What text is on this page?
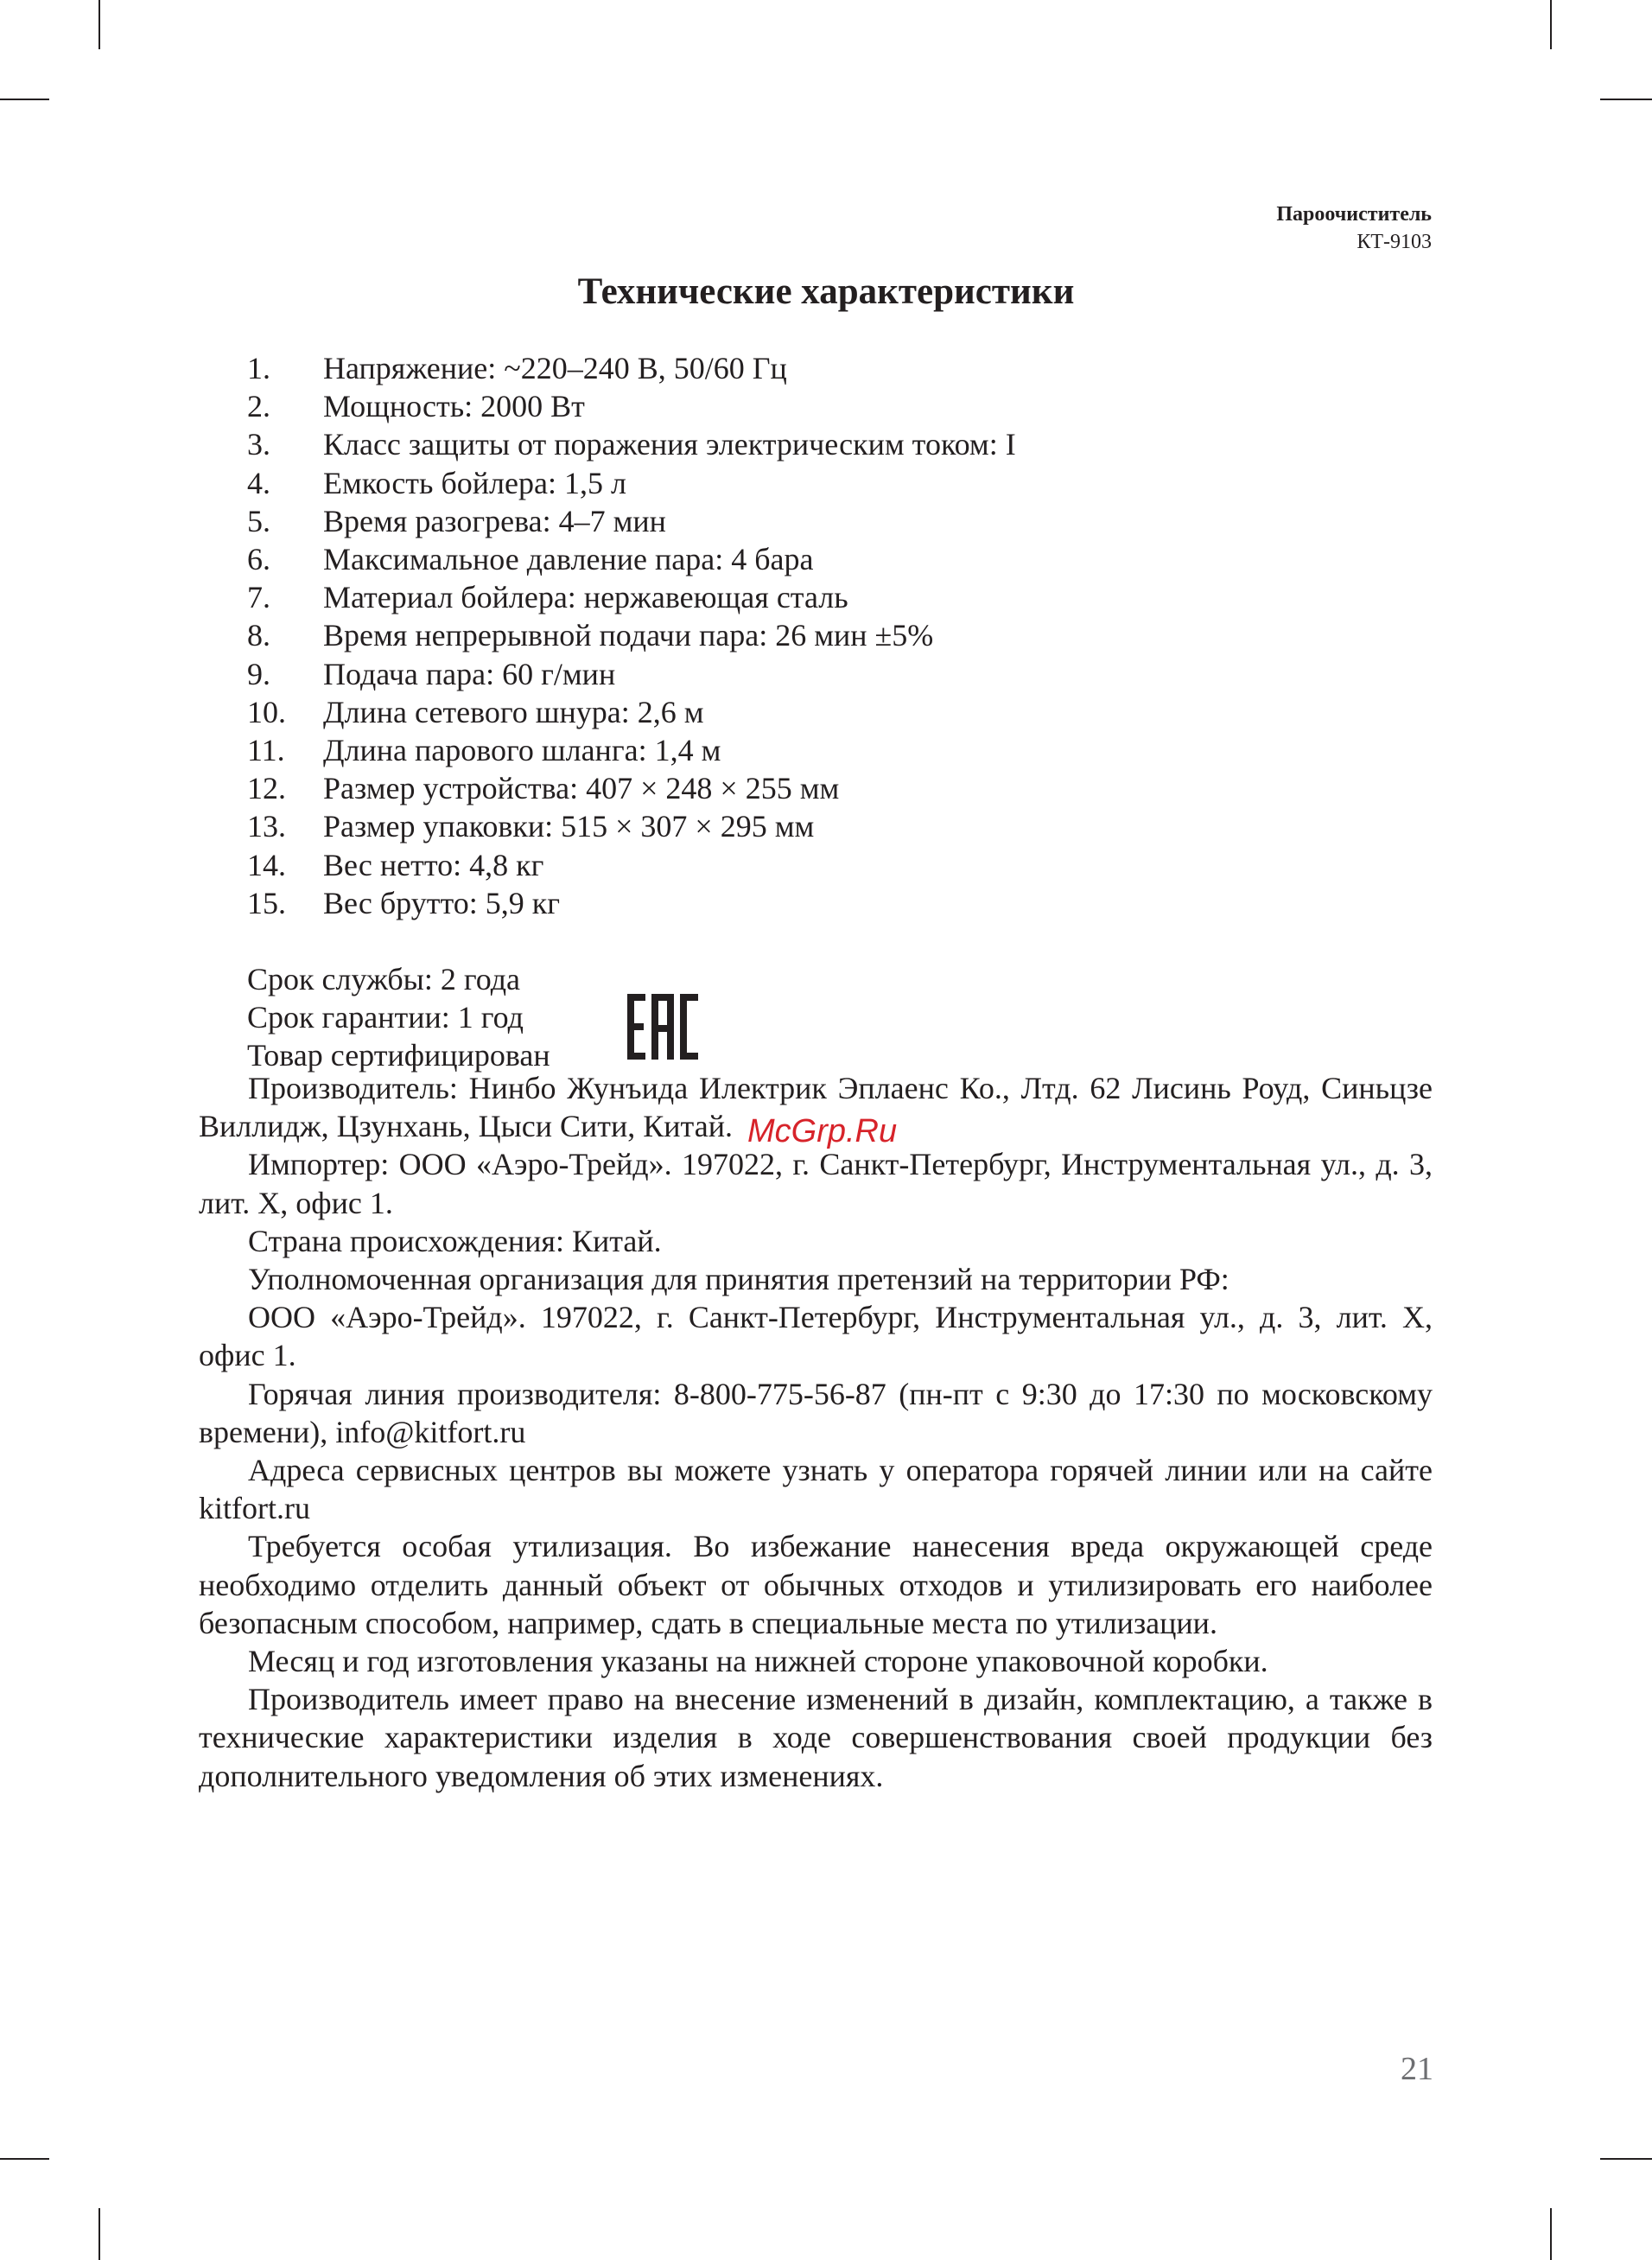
Пароочиститель
КТ-9103
Технические характеристики
1.	Напряжение: ~220–240 В, 50/60 Гц
2.	Мощность: 2000 Вт
3.	Класс защиты от поражения электрическим током: I
4.	Емкость бойлера: 1,5 л
5.	Время разогрева: 4–7 мин
6.	Максимальное давление пара: 4 бара
7.	Материал бойлера: нержавеющая сталь
8.	Время непрерывной подачи пара: 26 мин ±5%
9.	Подача пара: 60 г/мин
10.	Длина сетевого шнура: 2,6 м
11.	Длина парового шланга: 1,4 м
12.	Размер устройства: 407 × 248 × 255 мм
13.	Размер упаковки: 515 × 307 × 295 мм
14.	Вес нетто: 4,8 кг
15.	Вес брутто: 5,9 кг
Срок службы: 2 года
Срок гарантии: 1 год
Товар сертифицирован

Производитель: Нинбо Жунъида Илектрик Эплаенс Ко., Лтд. 62 Лисинь Роуд, Синьцзе Виллидж, Цзунхань, Цыси Сити, Китай.

Импортер: ООО «Аэро-Трейд». 197022, г. Санкт-Петербург, Инструментальная ул., д. 3, лит. Х, офис 1.

Страна происхождения: Китай.

Уполномоченная организация для принятия претензий на территории РФ:

ООО «Аэро-Трейд». 197022, г. Санкт-Петербург, Инструментальная ул., д. 3, лит. Х, офис 1.

Горячая линия производителя: 8-800-775-56-87 (пн-пт с 9:30 до 17:30 по московскому времени), info@kitfort.ru

Адреса сервисных центров вы можете узнать у оператора горячей линии или на сайте kitfort.ru

Требуется особая утилизация. Во избежание нанесения вреда окружающей среде необходимо отделить данный объект от обычных отходов и утилизировать его наиболее безопасным способом, например, сдать в специальные места по утилизации.

Месяц и год изготовления указаны на нижней стороне упаковочной коробки.

Производитель имеет право на внесение изменений в дизайн, комплектацию, а также в технические характеристики изделия в ходе совершенствования своей продукции без дополнительного уведомления об этих изменениях.

McGrp.Ru
21
